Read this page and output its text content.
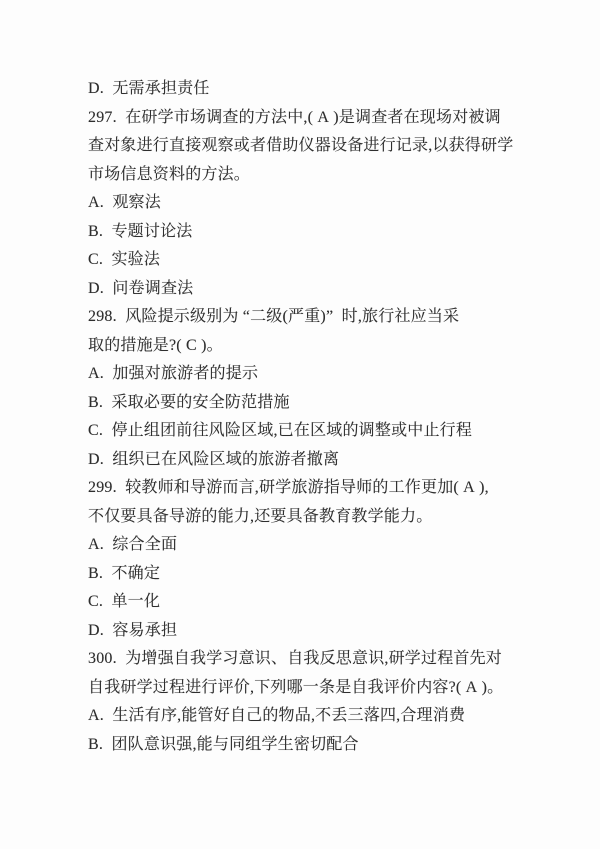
D.  无需承担责任
297.  在研学市场调查的方法中,( A )是调查者在现场对被调
查对象进行直接观察或者借助仪器设备进行记录,以获得研学
市场信息资料的方法。
A.  观察法
B.  专题讨论法
C.  实验法
D.  问卷调查法
298.  风险提示级别为 “二级(严重)”  时,旅行社应当采
取的措施是?( C )。
A.  加强对旅游者的提示
B.  采取必要的安全防范措施
C.  停止组团前往风险区域,已在区域的调整或中止行程
D.  组织已在风险区域的旅游者撤离
299.  较教师和导游而言,研学旅游指导师的工作更加( A ),
不仅要具备导游的能力,还要具备教育教学能力。
A.  综合全面
B.  不确定
C.  单一化
D.  容易承担
300.  为增强自我学习意识、自我反思意识,研学过程首先对
自我研学过程进行评价,下列哪一条是自我评价内容?( A )。
A.  生活有序,能管好自己的物品,不丢三落四,合理消费
B.  团队意识强,能与同组学生密切配合
